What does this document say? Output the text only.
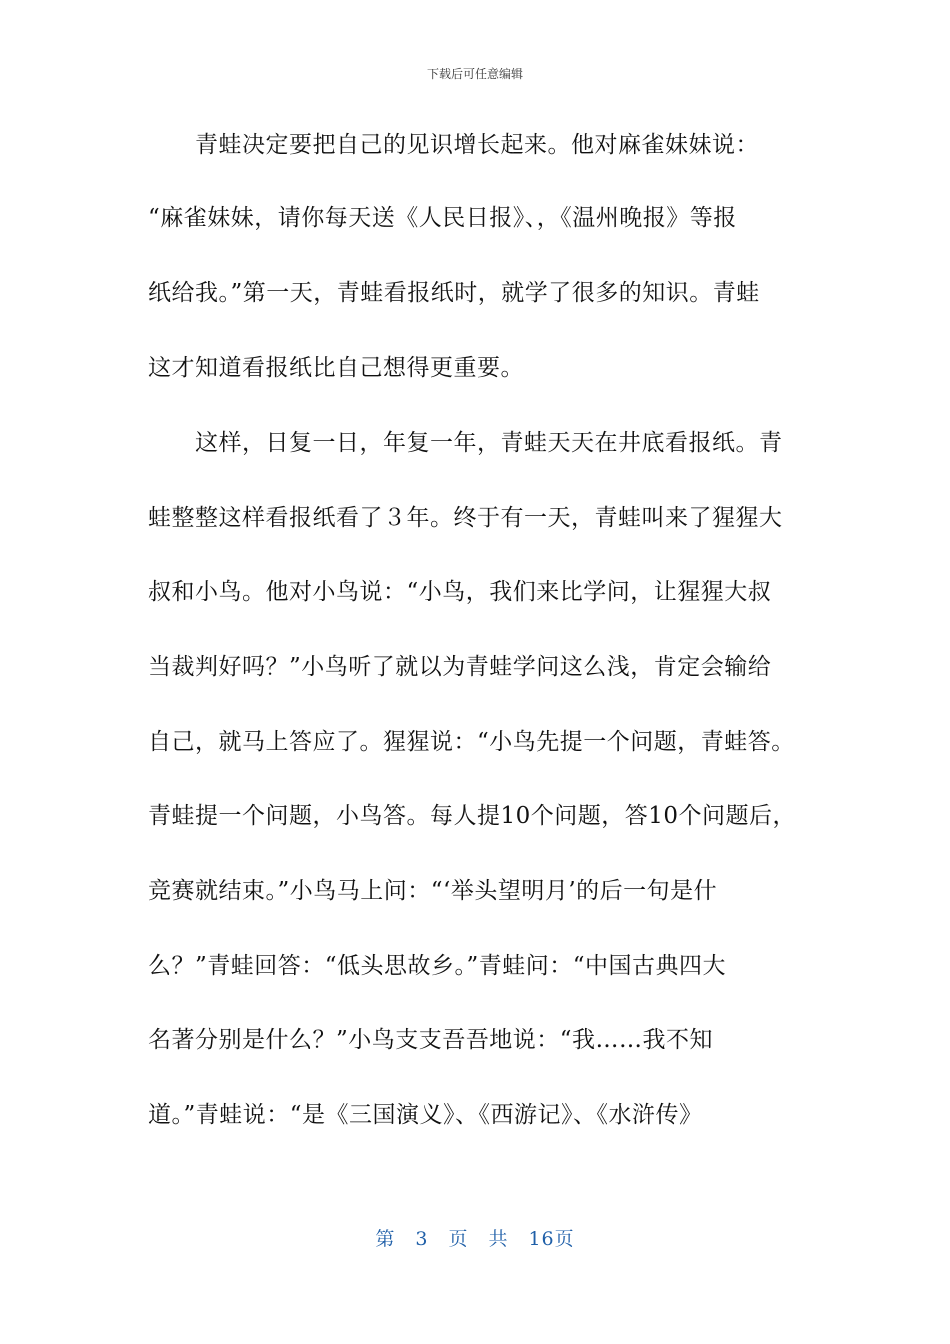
下载后可任意编辑
　　青蛙决定要把自己的见识增长起来。他对麻雀妹妹说：
“麻雀妹妹，请你每天送《人民日报》、，《温州晚报》等报
纸给我。”第一天，青蛙看报纸时，就学了很多的知识。青蛙
这才知道看报纸比自己想得更重要。
　　这样，日复一日，年复一年，青蛙天天在井底看报纸。青
蛙整整这样看报纸看了３年。终于有一天，青蛙叫来了猩猩大
叔和小鸟。他对小鸟说：“小鸟，我们来比学问，让猩猩大叔
当裁判好吗？”小鸟听了就以为青蛙学问这么浅，肯定会输给
自己，就马上答应了。猩猩说：“小鸟先提一个问题，青蛙答。
青蛙提一个问题，小鸟答。每人提10个问题，答10个问题后，
竞赛就结束。”小鸟马上问：“‘举头望明月’的后一句是什
么？”青蛙回答：“低头思故乡。”青蛙问：“中国古典四大
名著分别是什么？”小鸟支支吾吾地说：“我……我不知
道。”青蛙说：“是《三国演义》、《西游记》、《水浒传》
第　3　页　共　16页
